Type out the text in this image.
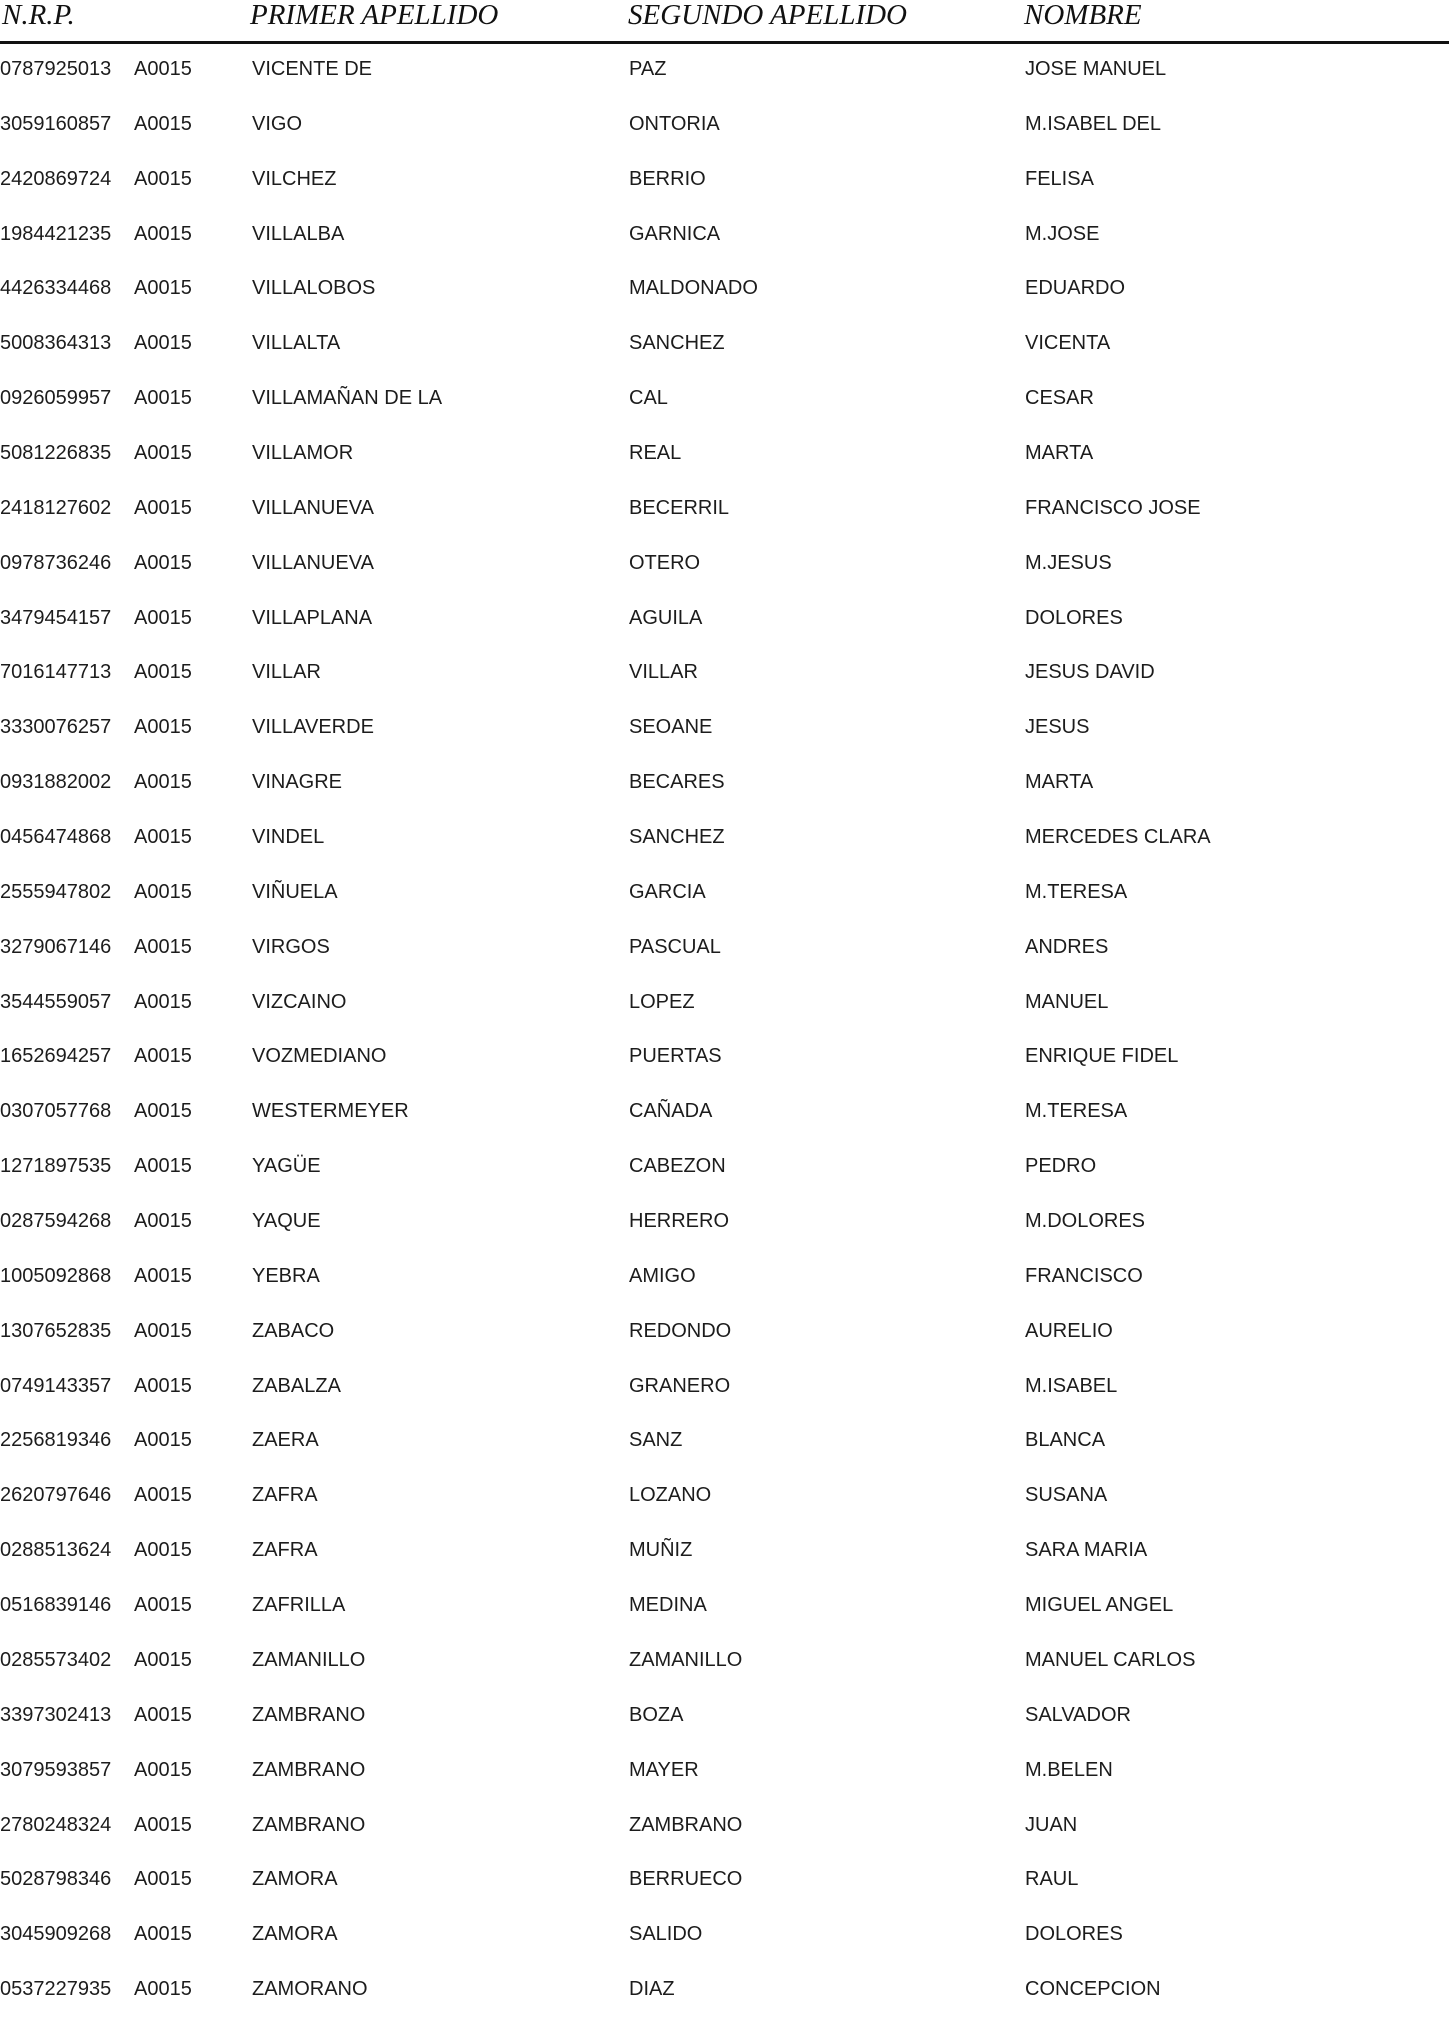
N.R.P.	PRIMER APELLIDO	SEGUNDO APELLIDO	NOMBRE
0787925013 A0015	VICENTE DE	PAZ	JOSE MANUEL
3059160857 A0015	VIGO	ONTORIA	M.ISABEL DEL
2420869724 A0015	VILCHEZ	BERRIO	FELISA
1984421235 A0015	VILLALBA	GARNICA	M.JOSE
4426334468 A0015	VILLALOBOS	MALDONADO	EDUARDO
5008364313 A0015	VILLALTA	SANCHEZ	VICENTA
0926059957 A0015	VILLAMAÑAN DE LA	CAL	CESAR
5081226835 A0015	VILLAMOR	REAL	MARTA
2418127602 A0015	VILLANUEVA	BECERRIL	FRANCISCO JOSE
0978736246 A0015	VILLANUEVA	OTERO	M.JESUS
3479454157 A0015	VILLAPLANA	AGUILA	DOLORES
7016147713 A0015	VILLAR	VILLAR	JESUS DAVID
3330076257 A0015	VILLAVERDE	SEOANE	JESUS
0931882002 A0015	VINAGRE	BECARES	MARTA
0456474868 A0015	VINDEL	SANCHEZ	MERCEDES CLARA
2555947802 A0015	VIÑUELA	GARCIA	M.TERESA
3279067146 A0015	VIRGOS	PASCUAL	ANDRES
3544559057 A0015	VIZCAINO	LOPEZ	MANUEL
1652694257 A0015	VOZMEDIANO	PUERTAS	ENRIQUE FIDEL
0307057768 A0015	WESTERMEYER	CAÑADA	M.TERESA
1271897535 A0015	YAGÜE	CABEZON	PEDRO
0287594268 A0015	YAQUE	HERRERO	M.DOLORES
1005092868 A0015	YEBRA	AMIGO	FRANCISCO
1307652835 A0015	ZABACO	REDONDO	AURELIO
0749143357 A0015	ZABALZA	GRANERO	M.ISABEL
2256819346 A0015	ZAERA	SANZ	BLANCA
2620797646 A0015	ZAFRA	LOZANO	SUSANA
0288513624 A0015	ZAFRA	MUÑIZ	SARA MARIA
0516839146 A0015	ZAFRILLA	MEDINA	MIGUEL ANGEL
0285573402 A0015	ZAMANILLO	ZAMANILLO	MANUEL CARLOS
3397302413 A0015	ZAMBRANO	BOZA	SALVADOR
3079593857 A0015	ZAMBRANO	MAYER	M.BELEN
2780248324 A0015	ZAMBRANO	ZAMBRANO	JUAN
5028798346 A0015	ZAMORA	BERRUECO	RAUL
3045909268 A0015	ZAMORA	SALIDO	DOLORES
0537227935 A0015	ZAMORANO	DIAZ	CONCEPCION
